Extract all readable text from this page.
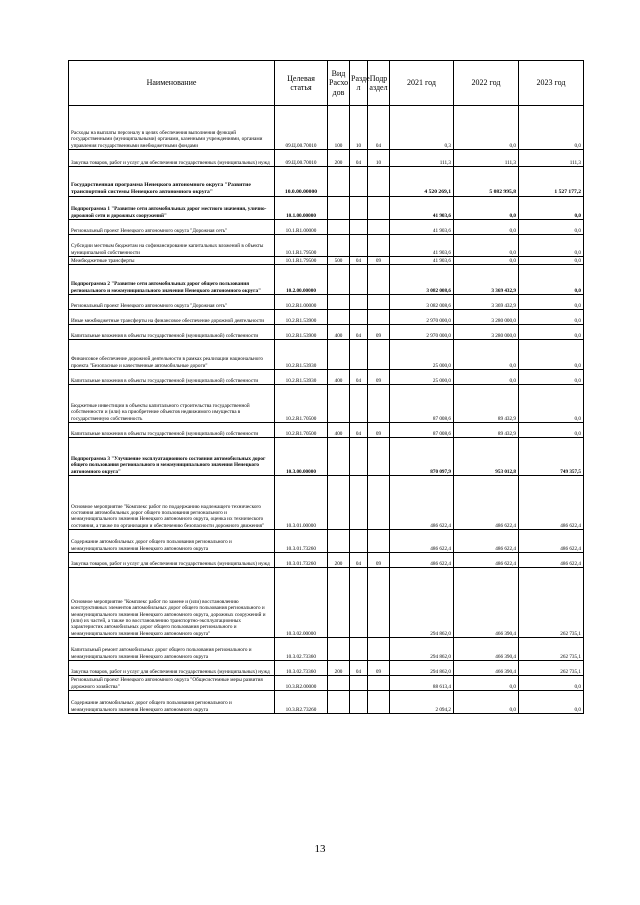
Наименование	Целевая статья	Вид Расхо дов	Разде л	Подр аздел	2021 год	2022 год	2023 год
Расходы на выплаты персоналу в целях обеспечения выполнения функций государственными (муниципальными) органами, казенными учреждениями, органами управления государственными внебюджетными фондами	09.Ц.00.70010	100	10	04	0,3	0,0	0,0
Закупка товаров, работ и услуг для обеспечения государственных (муниципальных) нужд	09.Ц.00.70010	200	04	10	111,3	111,3	111,3
Государственная программа Ненецкого автономного округа "Развитие транспортной системы Ненецкого автономного округа"	10.0.00.00000				4 520 269,1	5 082 995,8	1 527 177,2
Подпрограмма 1 "Развитие сети автомобильных дорог местного значения, улично-дорожной сети и дорожных сооружений"	10.1.00.00000				41 903,6	0,0	0,0
Региональный проект Ненецкого автономного округа "Дорожная сеть"	10.1.R1.00000				41 903,6	0,0	0,0
Субсидии местным бюджетам на софинансирование капитальных вложений в объекты муниципальной собственности	10.1.R1.79500				41 903,6	0,0	0,0
Межбюджетные трансферты	10.1.R1.79500	500	04	09	41 903,6	0,0	0,0
Подпрограмма 2 "Развитие сети автомобильных дорог общего пользования регионального и межмуниципального значения Ненецкого автономного округа"	10.2.00.00000				3 082 008,6	3 369 432,9	0,0
Региональный проект Ненецкого автономного округа "Дорожная сеть"	10.2.R1.00000				3 082 008,6	3 369 432,9	0,0
Иные межбюджетные трансферты на финансовое обеспечение дорожной деятельности	10.2.R1.53900				2 970 000,0	3 280 000,0	0,0
Капитальные вложения в объекты государственной (муниципальной) собственности	10.2.R1.53900	400	04	09	2 970 000,0	3 280 000,0	0,0
Финансовое обеспечение дорожной деятельности в рамках реализации национального проекта "Безопасные и качественные автомобильные дороги"	10.2.R1.53930				25 000,0	0,0	0,0
Капитальные вложения в объекты государственной (муниципальной) собственности	10.2.R1.53930	400	04	09	25 000,0	0,0	0,0
Бюджетные инвестиции в объекты капитального строительства государственной собственности и (или) на приобретение объектов недвижимого имущества в государственную собственность	10.2.R1.70500				87 008,6	89 432,9	0,0
Капитальные вложения в объекты государственной (муниципальной) собственности	10.2.R1.70500	400	04	09	87 008,6	89 432,9	0,0
Подпрограмма 3 "Улучшение эксплуатационного состояния автомобильных дорог общего пользования регионального и межмуниципального значения Ненецкого автономного округа"	10.3.00.00000				870 097,9	953 012,8	749 357,5
Основное мероприятие "Комплекс работ по поддержанию надлежащего технического состояния автомобильных дорог общего пользования регионального и межмуниципального значения Ненецкого автономного округа, оценка их технического состояния, а также по организации и обеспечению безопасности дорожного движения"	10.3.01.00000				486 622,4	486 622,4	486 622,4
Содержание автомобильных дорог общего пользования регионального и межмуниципального значения Ненецкого автономного округа	10.3.01.73260				486 622,4	486 622,4	486 622,4
Закупка товаров, работ и услуг для обеспечения государственных (муниципальных) нужд	10.3.01.73260	200	04	09	486 622,4	486 622,4	486 622,4
Основное мероприятие "Комплекс работ по замене и (или) восстановлению конструктивных элементов автомобильных дорог общего пользования регионального и межмуниципального значения Ненецкого автономного округа, дорожных сооружений и (или) их частей, а также по восстановлению транспортно-эксплуатационных характеристик автомобильных дорог общего пользования регионального и межмуниципального значения Ненецкого автономного округа"	10.3.02.00000				294 862,0	466 390,4	262 735,1
Капитальный ремонт автомобильных дорог общего пользования регионального и межмуниципального значения Ненецкого автономного округа	10.3.02.73360				294 862,0	466 390,4	262 735,1
Закупка товаров, работ и услуг для обеспечения государственных (муниципальных) нужд	10.3.02.73360	200	04	09	294 862,0	466 390,4	262 735,1
Региональный проект Ненецкого автономного округа "Общесистемные меры развития дорожного хозяйства"	10.3.R2.00000				88 613,4	0,0	0,0
Содержание автомобильных дорог общего пользования регионального и межмуниципального значения Ненецкого автономного округа	10.3.R2.73260				2 094,2	0,0	0,0
13
